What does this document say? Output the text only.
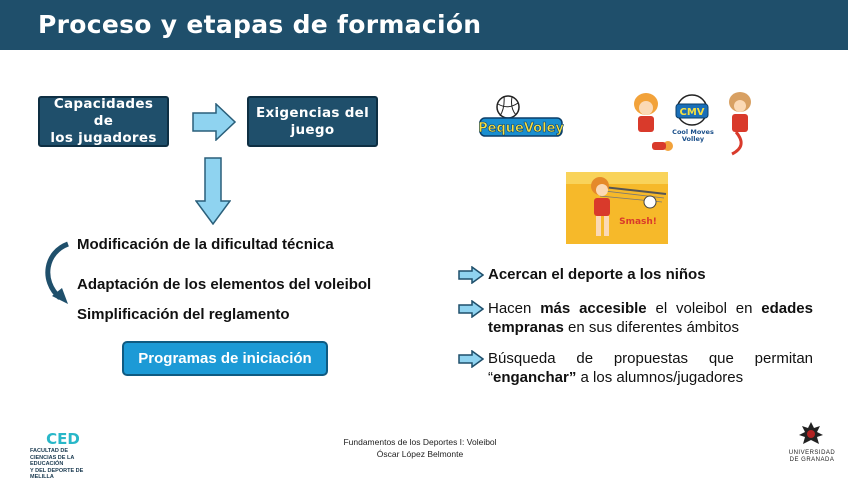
Proceso y etapas de formación
Capacidades de
los jugadores
Exigencias del
juego
Modificación de la dificultad técnica
Adaptación de los elementos del voleibol
Simplificación del reglamento
Programas de iniciación
PequeVoley
CMV
Cool Moves
Volley
Smash!
Acercan el deporte a los niños
Hacen más accesible el voleibol en edades tempranas en sus diferentes ámbitos
Búsqueda de propuestas que permitan “enganchar” a los alumnos/jugadores
Fundamentos de los Deportes I: Voleibol
Óscar López Belmonte
CED
FACULTAD DE
CIENCIAS DE LA EDUCACIÓN
Y DEL DEPORTE DE MELILLA
UNIVERSIDAD
DE GRANADA
